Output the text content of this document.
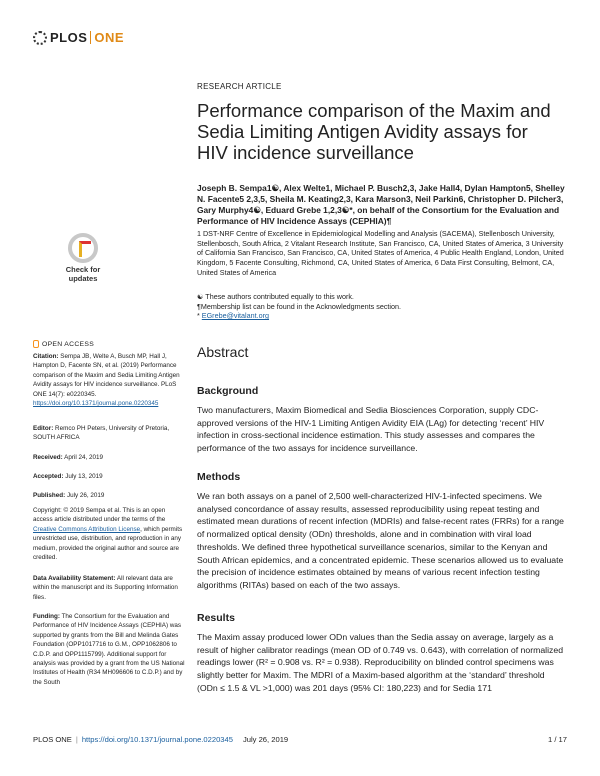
PLOS ONE
Check for
updates
OPEN ACCESS
Citation: Sempa JB, Welte A, Busch MP, Hall J, Hampton D, Facente SN, et al. (2019) Performance comparison of the Maxim and Sedia Limiting Antigen Avidity assays for HIV incidence surveillance. PLoS ONE 14(7): e0220345. https://doi.org/10.1371/journal.pone.0220345
Editor: Remco PH Peters, University of Pretoria, SOUTH AFRICA
Received: April 24, 2019
Accepted: July 13, 2019
Published: July 26, 2019
Copyright: © 2019 Sempa et al. This is an open access article distributed under the terms of the Creative Commons Attribution License, which permits unrestricted use, distribution, and reproduction in any medium, provided the original author and source are credited.
Data Availability Statement: All relevant data are within the manuscript and its Supporting Information files.
Funding: The Consortium for the Evaluation and Performance of HIV Incidence Assays (CEPHIA) was supported by grants from the Bill and Melinda Gates Foundation (OPP1017716 to G.M., OPP1062806 to C.D.P. and OPP1115799). Additional support for analysis was provided by a grant from the US National Institutes of Health (R34 MH096606 to C.D.P.) and by the South
RESEARCH ARTICLE
Performance comparison of the Maxim and Sedia Limiting Antigen Avidity assays for HIV incidence surveillance
Joseph B. Sempa1☯, Alex Welte1, Michael P. Busch2,3, Jake Hall4, Dylan Hampton5, Shelley N. Facente5 2,3,5, Sheila M. Keating2,3, Kara Marson3, Neil Parkin6, Christopher D. Pilcher3, Gary Murphy4☯, Eduard Grebe 1,2,3☯*, on behalf of the Consortium for the Evaluation and Performance of HIV Incidence Assays (CEPHIA)¶
1 DST-NRF Centre of Excellence in Epidemiological Modelling and Analysis (SACEMA), Stellenbosch University, Stellenbosch, South Africa, 2 Vitalant Research Institute, San Francisco, CA, United States of America, 3 University of California San Francisco, San Francisco, CA, United States of America, 4 Public Health England, London, United Kingdom, 5 Facente Consulting, Richmond, CA, United States of America, 6 Data First Consulting, Belmont, CA, United States of America
☯ These authors contributed equally to this work.
¶Membership list can be found in the Acknowledgments section.
* EGrebe@vitalant.org
Abstract
Background

Two manufacturers, Maxim Biomedical and Sedia Biosciences Corporation, supply CDC-approved versions of the HIV-1 Limiting Antigen Avidity EIA (LAg) for detecting ‘recent’ HIV infection in cross-sectional incidence estimation. This study assesses and compares the performance of the two assays for incidence surveillance.

Methods

We ran both assays on a panel of 2,500 well-characterized HIV-1-infected specimens. We analysed concordance of assay results, assessed reproducibility using repeat testing and estimated mean durations of recent infection (MDRIs) and false-recent rates (FRRs) for a range of normalized optical density (ODn) thresholds, alone and in combination with viral load thresholds. We defined three hypothetical surveillance scenarios, similar to the Kenyan and South African epidemics, and a concentrated epidemic. These scenarios allowed us to evaluate the precision of incidence estimates obtained by means of various recent infection testing algorithms (RITAs) based on each of the two assays.

Results

The Maxim assay produced lower ODn values than the Sedia assay on average, largely as a result of higher calibrator readings (mean OD of 0.749 vs. 0.643), with correlation of normalized readings lower (R² = 0.908 vs. R² = 0.938). Reproducibility on blinded control specimens was slightly better for Maxim. The MDRI of a Maxim-based algorithm at the ‘standard’ threshold (ODn ≤ 1.5 & VL >1,000) was 201 days (95% CI: 180,223) and for Sedia 171

PLOS ONE | https://doi.org/10.1371/journal.pone.0220345 July 26, 2019	1 / 17
